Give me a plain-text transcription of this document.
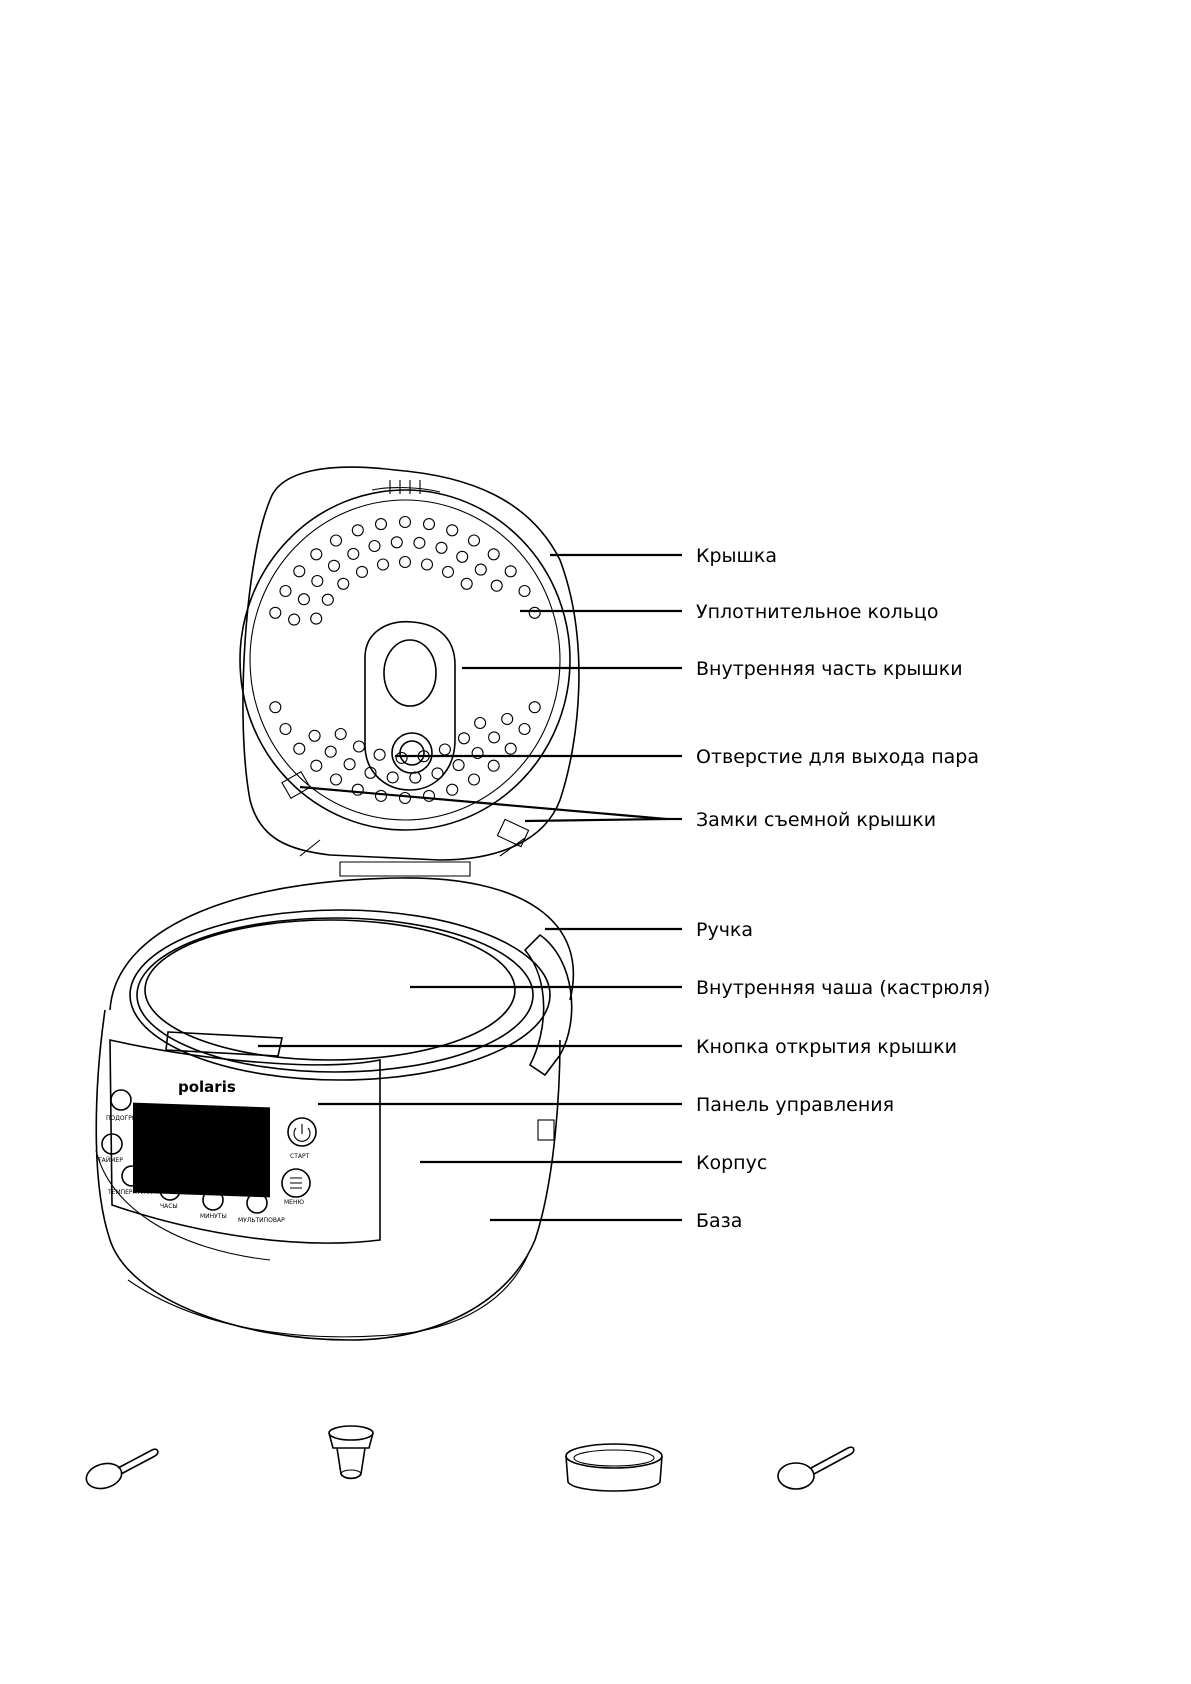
polaris
СТАРТ
МЕНЮ
ТАЙМЕР
ТЕМПЕРАТУРА
ЧАСЫ
МИНУТЫ
МУЛЬТИПОВАР
ПОДОГРЕВ/ОТМЕНА
Крышка
Уплотнительное кольцо
Внутренняя часть крышки
Отверстие для выхода пара
Замки съемной крышки
Ручка
Внутренняя чаша (кастрюля)
Кнопка открытия крышки
Панель управления
Корпус
База
